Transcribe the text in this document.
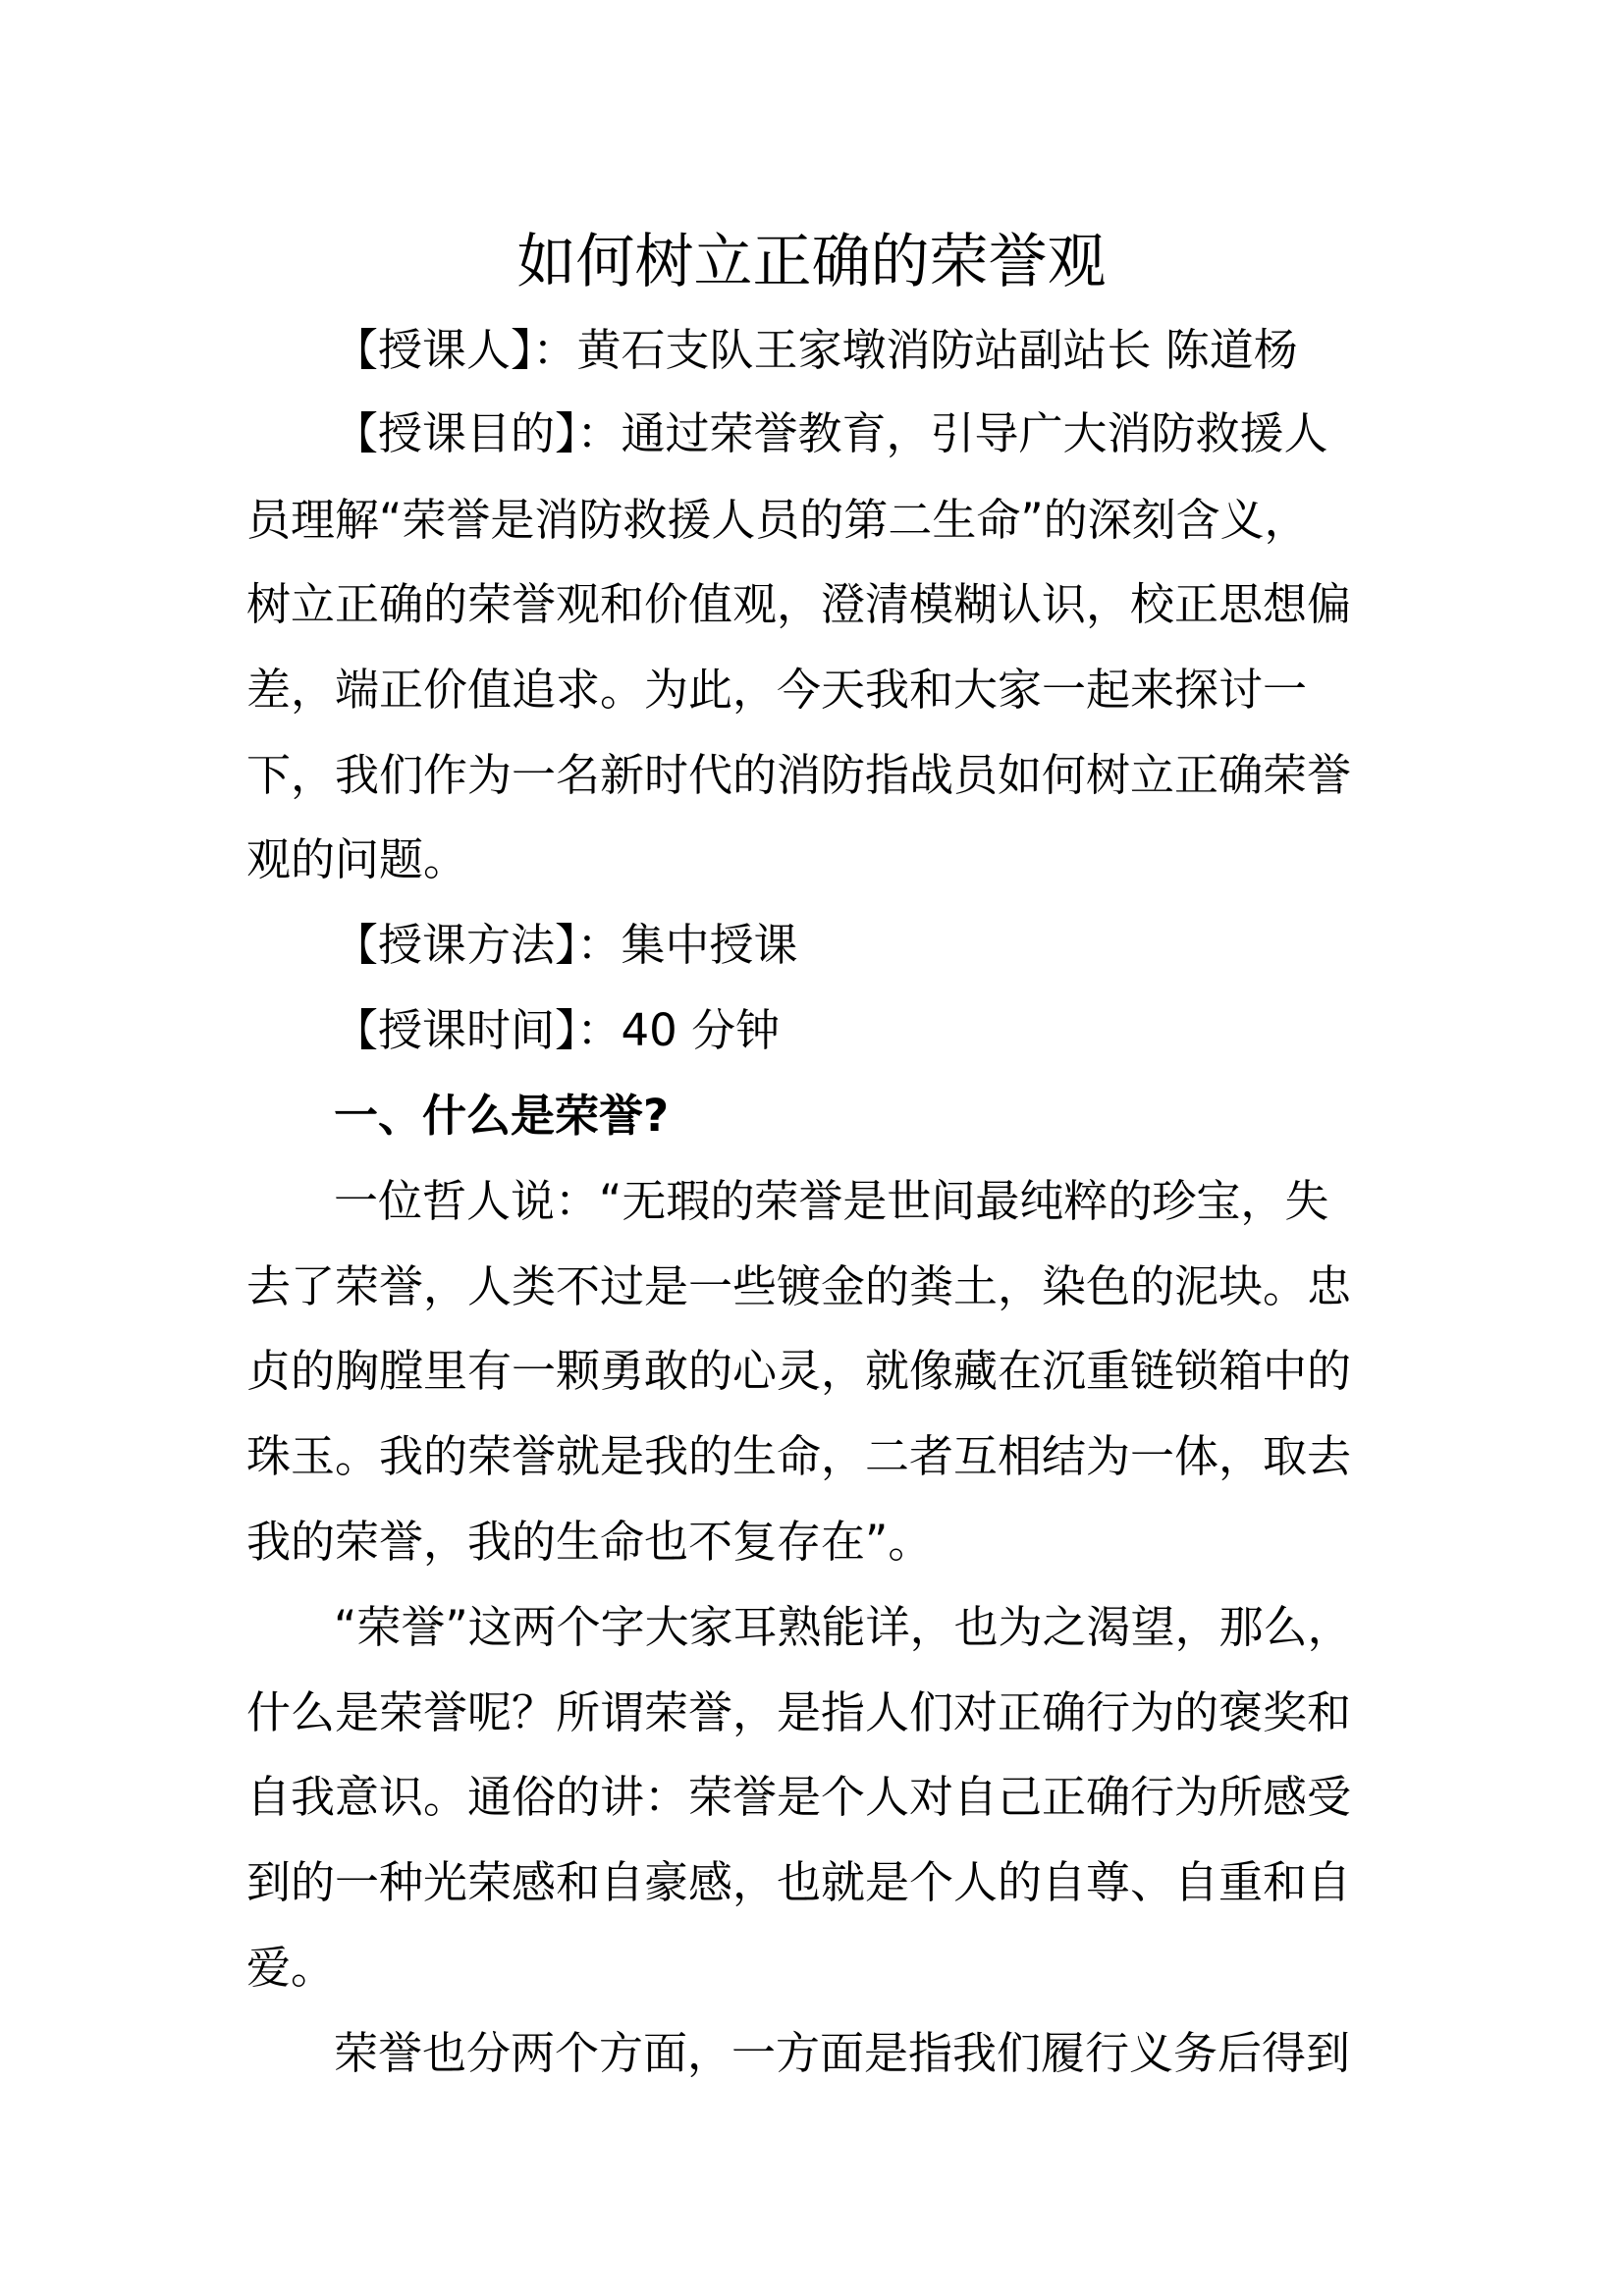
如何树立正确的荣誉观
【授课人】：黄石支队王家墩消防站副站长 陈道杨
【授课目的】：通过荣誉教育，引导广大消防救援人
员理解“荣誉是消防救援人员的第二生命”的深刻含义，
树立正确的荣誉观和价值观，澄清模糊认识，校正思想偏
差，端正价值追求。为此，今天我和大家一起来探讨一
下，我们作为一名新时代的消防指战员如何树立正确荣誉
观的问题。
【授课方法】：集中授课
【授课时间】：40 分钟
一、什么是荣誉?
一位哲人说：“无瑕的荣誉是世间最纯粹的珍宝，失
去了荣誉，人类不过是一些镀金的粪土，染色的泥块。忠
贞的胸膛里有一颗勇敢的心灵，就像藏在沉重链锁箱中的
珠玉。我的荣誉就是我的生命，二者互相结为一体，取去
我的荣誉，我的生命也不复存在”。
“荣誉”这两个字大家耳熟能详，也为之渴望，那么，
什么是荣誉呢？所谓荣誉，是指人们对正确行为的褒奖和
自我意识。通俗的讲：荣誉是个人对自己正确行为所感受
到的一种光荣感和自豪感，也就是个人的自尊、自重和自
爱。
荣誉也分两个方面，一方面是指我们履行义务后得到
